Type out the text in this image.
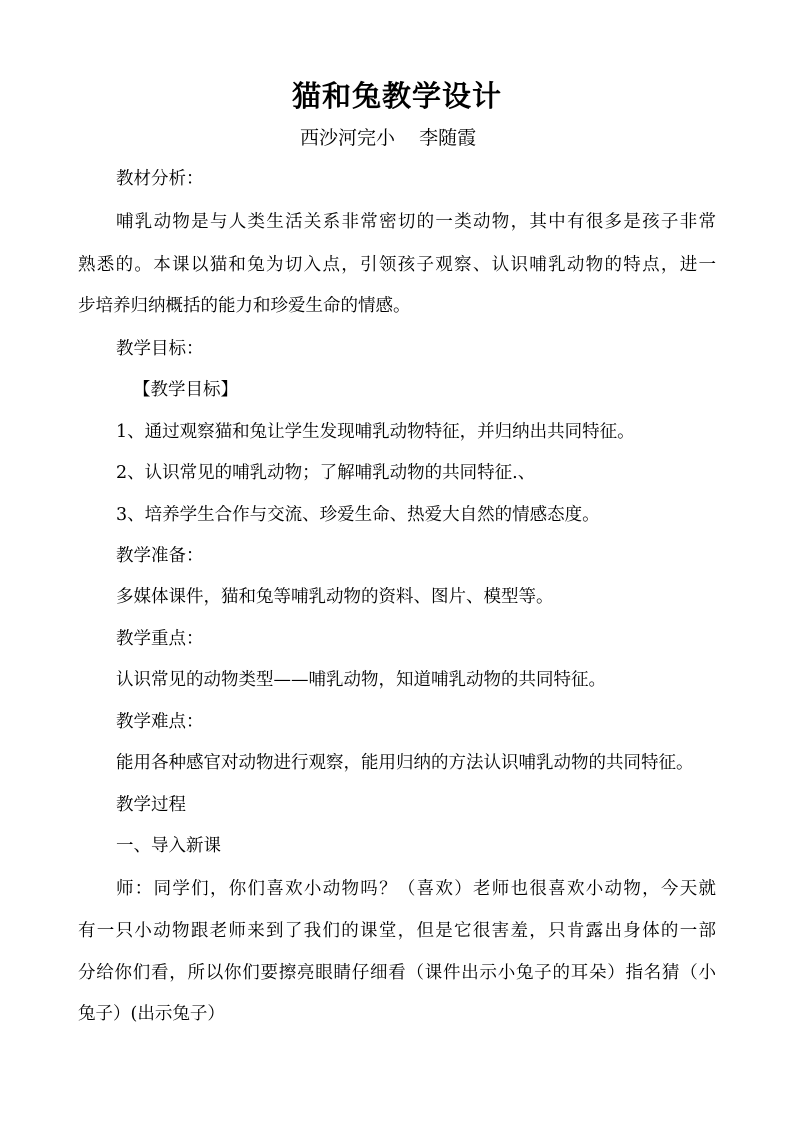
猫和兔教学设计
西沙河完小    李随霞
教材分析：
哺乳动物是与人类生活关系非常密切的一类动物，其中有很多是孩子非常
熟悉的。本课以猫和兔为切入点，引领孩子观察、认识哺乳动物的特点，进一
步培养归纳概括的能力和珍爱生命的情感。
教学目标：
【教学目标】
1、通过观察猫和兔让学生发现哺乳动物特征，并归纳出共同特征。
2、认识常见的哺乳动物；了解哺乳动物的共同特征.、
3、培养学生合作与交流、珍爱生命、热爱大自然的情感态度。
教学准备：
多媒体课件，猫和兔等哺乳动物的资料、图片、模型等。
教学重点：
认识常见的动物类型——哺乳动物，知道哺乳动物的共同特征。
教学难点：
能用各种感官对动物进行观察，能用归纳的方法认识哺乳动物的共同特征。
教学过程
一、导入新课
师：同学们，你们喜欢小动物吗？（喜欢）老师也很喜欢小动物，今天就
有一只小动物跟老师来到了我们的课堂，但是它很害羞，只肯露出身体的一部
分给你们看，所以你们要擦亮眼睛仔细看（课件出示小兔子的耳朵）指名猜（小
兔子）(出示兔子）
